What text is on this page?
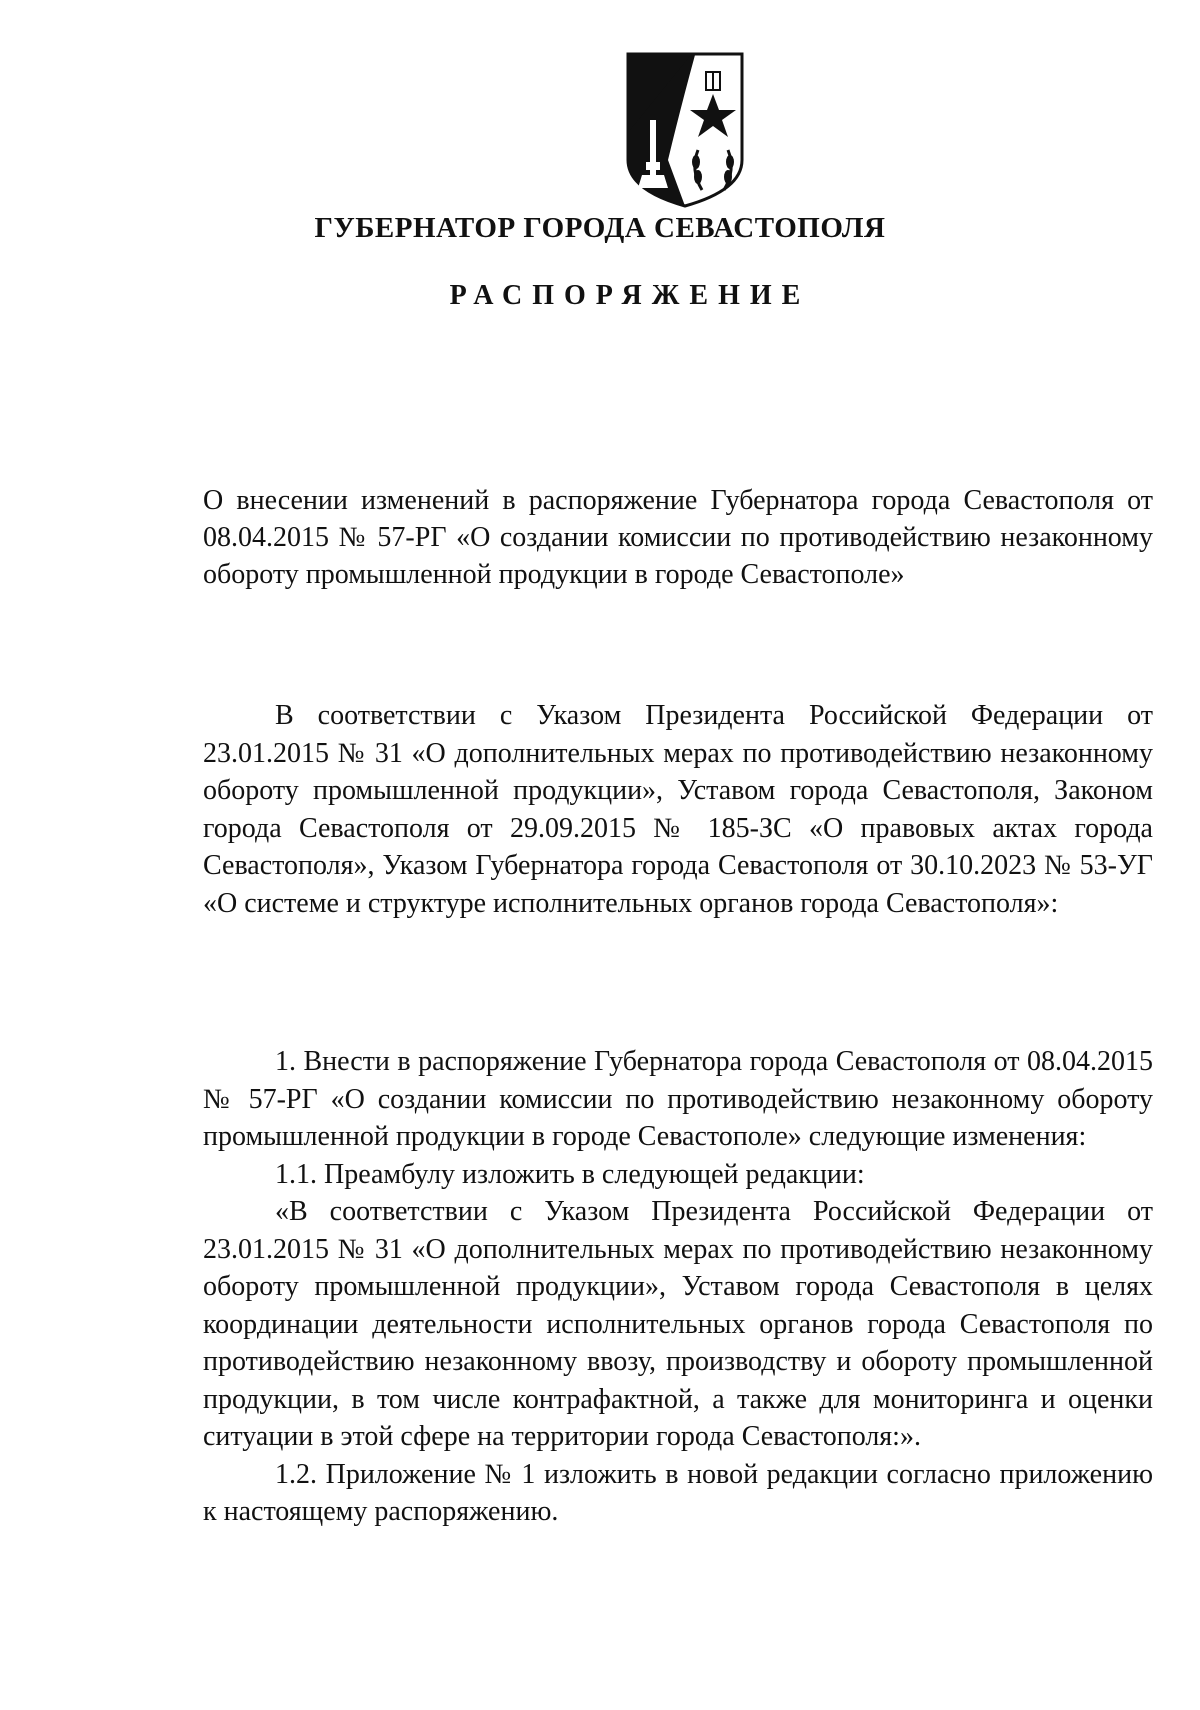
ГУБЕРНАТОР ГОРОДА СЕВАСТОПОЛЯ
РАСПОРЯЖЕНИЕ

О внесении изменений в распоряжение Губернатора города Севастополя от 08.04.2015 № 57-РГ «О создании комиссии по противодействию незаконному обороту промышленной продукции в городе Севастополе»

В соответствии с Указом Президента Российской Федерации от 23.01.2015 № 31 «О дополнительных мерах по противодействию незаконному обороту промышленной продукции», Уставом города Севастополя, Законом города Севастополя от 29.09.2015 № 185-ЗС «О правовых актах города Севастополя», Указом Губернатора города Севастополя от 30.10.2023 № 53-УГ «О системе и структуре исполнительных органов города Севастополя»:

1. Внести в распоряжение Губернатора города Севастополя от 08.04.2015 № 57-РГ «О создании комиссии по противодействию незаконному обороту промышленной продукции в городе Севастополе» следующие изменения:

1.1. Преамбулу изложить в следующей редакции:

«В соответствии с Указом Президента Российской Федерации от 23.01.2015 № 31 «О дополнительных мерах по противодействию незаконному обороту промышленной продукции», Уставом города Севастополя в целях координации деятельности исполнительных органов города Севастополя по противодействию незаконному ввозу, производству и обороту промышленной продукции, в том числе контрафактной, а также для мониторинга и оценки ситуации в этой сфере на территории города Севастополя:».

1.2. Приложение № 1 изложить в новой редакции согласно приложению к настоящему распоряжению.
